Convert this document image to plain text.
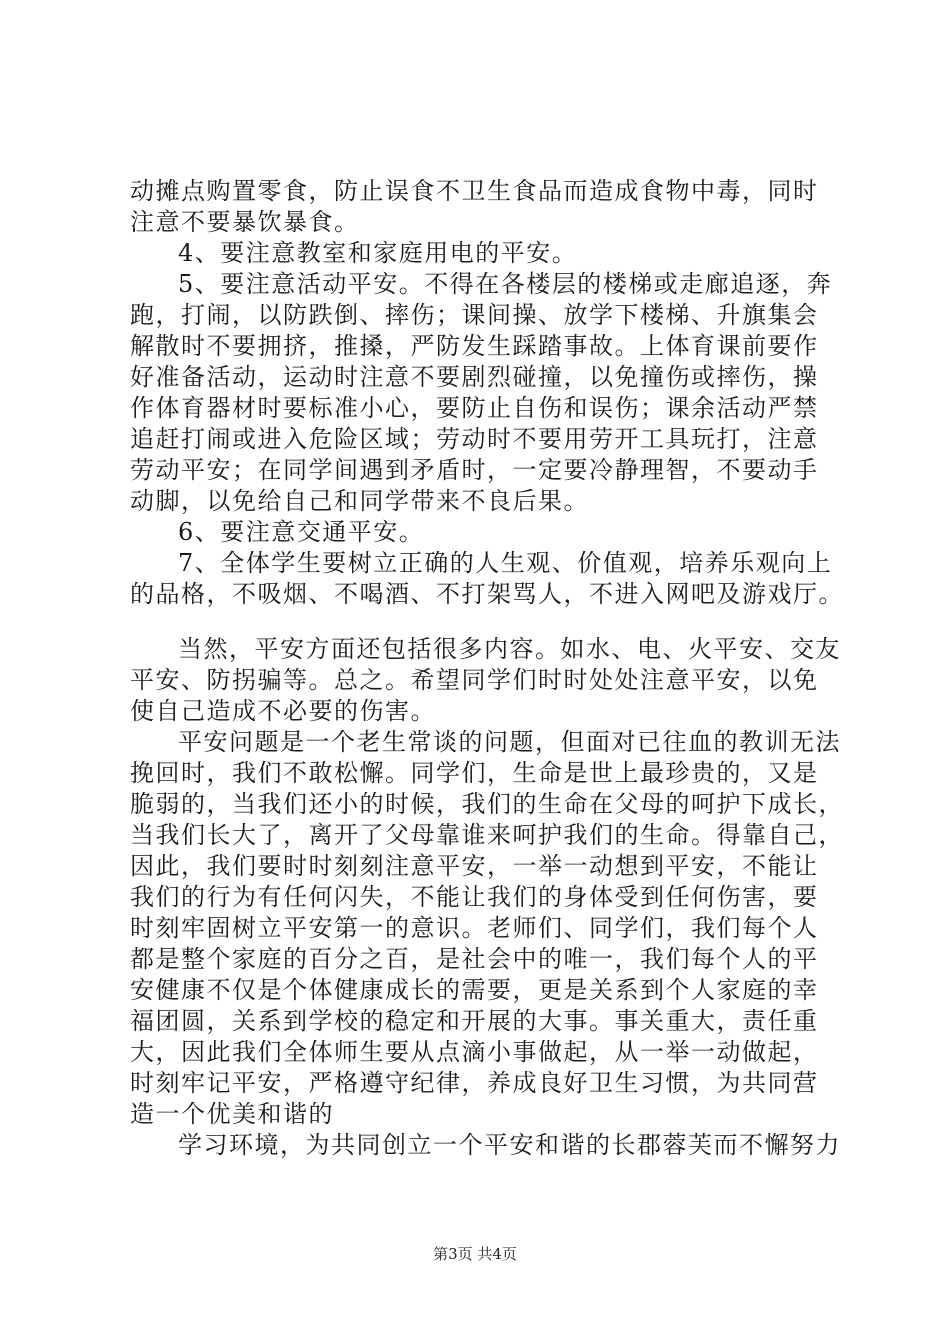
动摊点购置零食，防止误食不卫生食品而造成食物中毒，同时
注意不要暴饮暴食。
4、要注意教室和家庭用电的平安。
5、要注意活动平安。不得在各楼层的楼梯或走廊追逐，奔
跑，打闹，以防跌倒、摔伤；课间操、放学下楼梯、升旗集会
解散时不要拥挤，推搡，严防发生踩踏事故。上体育课前要作
好准备活动，运动时注意不要剧烈碰撞，以免撞伤或摔伤，操
作体育器材时要标准小心，要防止自伤和误伤；课余活动严禁
追赶打闹或进入危险区域；劳动时不要用劳开工具玩打，注意
劳动平安；在同学间遇到矛盾时，一定要冷静理智，不要动手
动脚，以免给自己和同学带来不良后果。
6、要注意交通平安。
7、全体学生要树立正确的人生观、价值观，培养乐观向上
的品格，不吸烟、不喝酒、不打架骂人，不进入网吧及游戏厅。
当然，平安方面还包括很多内容。如水、电、火平安、交友
平安、防拐骗等。总之。希望同学们时时处处注意平安，以免
使自己造成不必要的伤害。
平安问题是一个老生常谈的问题，但面对已往血的教训无法
挽回时，我们不敢松懈。同学们，生命是世上最珍贵的，又是
脆弱的，当我们还小的时候，我们的生命在父母的呵护下成长，
当我们长大了，离开了父母靠谁来呵护我们的生命。得靠自己，
因此，我们要时时刻刻注意平安，一举一动想到平安，不能让
我们的行为有任何闪失，不能让我们的身体受到任何伤害，要
时刻牢固树立平安第一的意识。老师们、同学们，我们每个人
都是整个家庭的百分之百，是社会中的唯一，我们每个人的平
安健康不仅是个体健康成长的需要，更是关系到个人家庭的幸
福团圆，关系到学校的稳定和开展的大事。事关重大，责任重
大，因此我们全体师生要从点滴小事做起，从一举一动做起，
时刻牢记平安，严格遵守纪律，养成良好卫生习惯，为共同营
造一个优美和谐的
学习环境，为共同创立一个平安和谐的长郡蓉芙而不懈努力
第3页 共4页
